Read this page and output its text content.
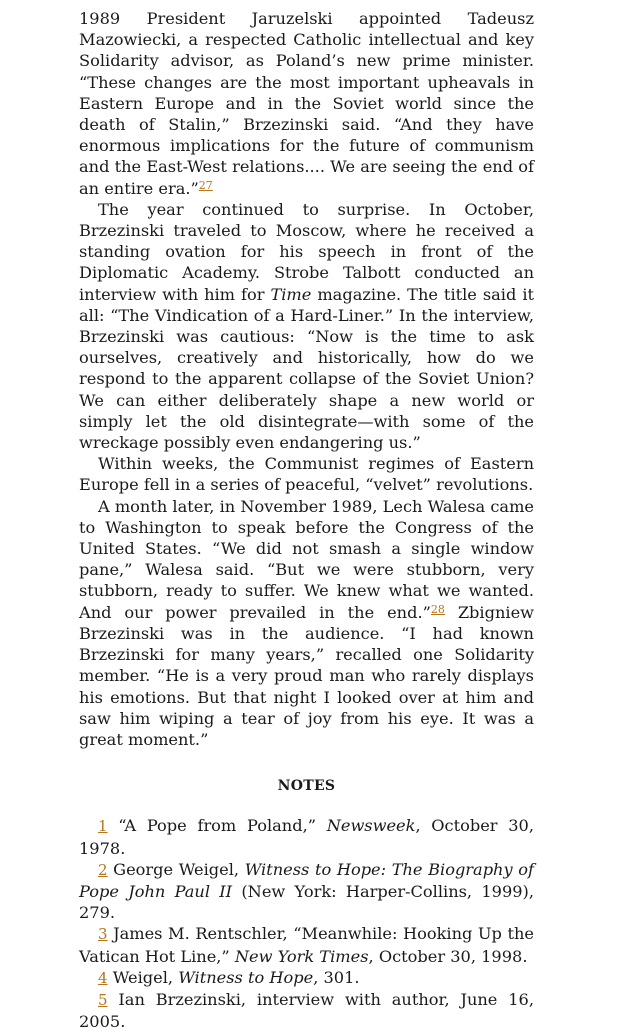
1989 President Jaruzelski appointed Tadeusz Mazowiecki, a respected Catholic intellectual and key Solidarity advisor, as Poland’s new prime minister. “These changes are the most important upheavals in Eastern Europe and in the Soviet world since the death of Stalin,” Brzezinski said. “And they have enormous implications for the future of communism and the East-West relations.... We are seeing the end of an entire era.”$^{27}$

The year continued to surprise. In October, Brzezinski traveled to Moscow, where he received a standing ovation for his speech in front of the Diplomatic Academy. Strobe Talbott conducted an interview with him for Time magazine. The title said it all: “The Vindication of a Hard-Liner.” In the interview, Brzezinski was cautious: “Now is the time to ask ourselves, creatively and historically, how do we respond to the apparent collapse of the Soviet Union? We can either deliberately shape a new world or simply let the old disintegrate—with some of the wreckage possibly even endangering us.”

Within weeks, the Communist regimes of Eastern Europe fell in a series of peaceful, “velvet” revolutions.

A month later, in November 1989, Lech Walesa came to Washington to speak before the Congress of the United States. “We did not smash a single window pane,” Walesa said. “But we were stubborn, very stubborn, ready to suffer. We knew what we wanted. And our power prevailed in the end.”$^{28}$ Zbigniew Brzezinski was in the audience. “I had known Brzezinski for many years,” recalled one Solidarity member. “He is a very proud man who rarely displays his emotions. But that night I looked over at him and saw him wiping a tear of joy from his eye. It was a great moment.”

NOTES

1 “A Pope from Poland,” Newsweek, October 30, 1978.

2 George Weigel, Witness to Hope: The Biography of Pope John Paul II (New York: Harper-Collins, 1999), 279.

3 James M. Rentschler, “Meanwhile: Hooking Up the Vatican Hot Line,” New York Times, October 30, 1998.

4 Weigel, Witness to Hope, 301.

5 Ian Brzezinski, interview with author, June 16, 2005.
